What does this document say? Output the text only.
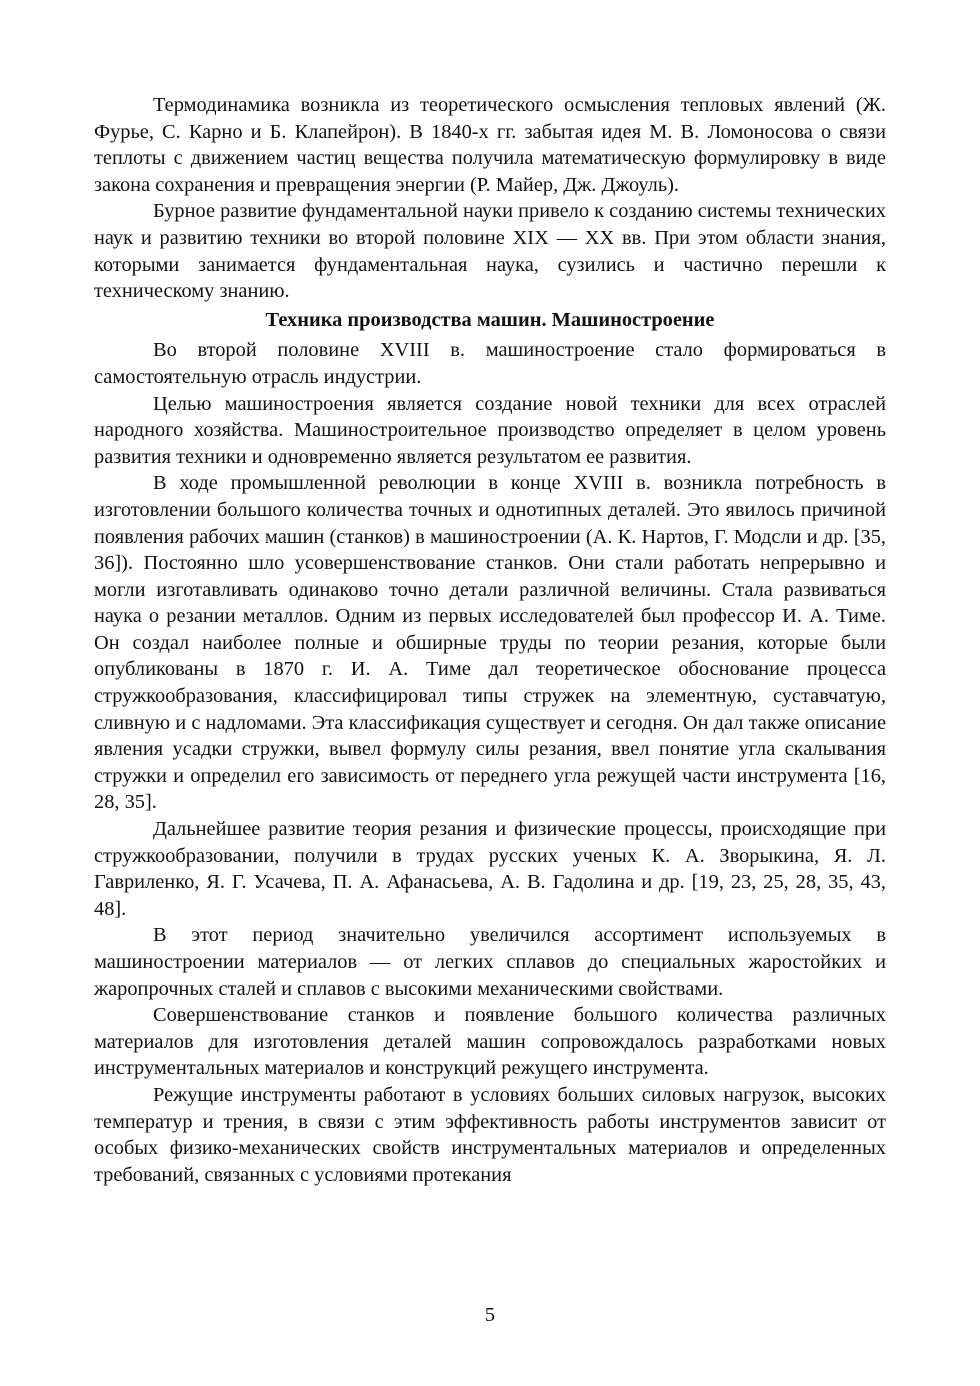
Термодинамика возникла из теоретического осмысления тепловых явлений (Ж. Фурье, С. Карно и Б. Клапейрон). В 1840-х гг. забытая идея М. В. Ломоносова о связи теплоты с движением частиц вещества получила математическую формулировку в виде закона сохранения и превращения энергии (Р. Майер, Дж. Джоуль).

Бурное развитие фундаментальной науки привело к созданию системы технических наук и развитию техники во второй половине XIX — XX вв. При этом области знания, которыми занимается фундаментальная наука, сузились и частично перешли к техническому знанию.

Техника производства машин. Машиностроение

Во второй половине XVIII в. машиностроение стало формироваться в самостоятельную отрасль индустрии.

Целью машиностроения является создание новой техники для всех отраслей народного хозяйства. Машиностроительное производство определяет в целом уровень развития техники и одновременно является результатом ее развития.

В ходе промышленной революции в конце XVIII в. возникла потребность в изготовлении большого количества точных и однотипных деталей. Это явилось причиной появления рабочих машин (станков) в машиностроении (А. К. Нартов, Г. Модсли и др. [35, 36]). Постоянно шло усовершенствование станков. Они стали работать непрерывно и могли изготавливать одинаково точно детали различной величины. Стала развиваться наука о резании металлов. Одним из первых исследователей был профессор И. А. Тиме. Он создал наиболее полные и обширные труды по теории резания, которые были опубликованы в 1870 г. И. А. Тиме дал теоретическое обоснование процесса стружкообразования, классифицировал типы стружек на элементную, суставчатую, сливную и с надломами. Эта классификация существует и сегодня. Он дал также описание явления усадки стружки, вывел формулу силы резания, ввел понятие угла скалывания стружки и определил его зависимость от переднего угла режущей части инструмента [16, 28, 35].

Дальнейшее развитие теория резания и физические процессы, происходящие при стружкообразовании, получили в трудах русских ученых К. А. Зворыкина, Я. Л. Гавриленко, Я. Г. Усачева, П. А. Афанасьева, А. В. Гадолина и др. [19, 23, 25, 28, 35, 43, 48].

В этот период значительно увеличился ассортимент используемых в машиностроении материалов — от легких сплавов до специальных жаростойких и жаропрочных сталей и сплавов с высокими механическими свойствами.

Совершенствование станков и появление большого количества различных материалов для изготовления деталей машин сопровождалось разработками новых инструментальных материалов и конструкций режущего инструмента.

Режущие инструменты работают в условиях больших силовых нагрузок, высоких температур и трения, в связи с этим эффективность работы инструментов зависит от особых физико-механических свойств инструментальных материалов и определенных требований, связанных с условиями протекания

5
